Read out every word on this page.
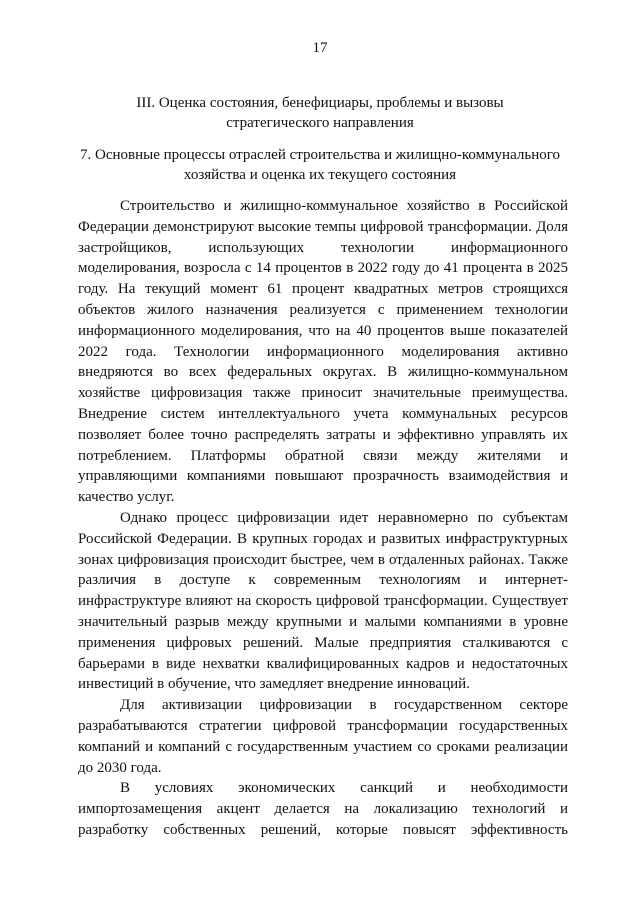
17
III. Оценка состояния, бенефициары, проблемы и вызовы
стратегического направления
7. Основные процессы отраслей строительства и жилищно-коммунального
хозяйства и оценка их текущего состояния

Строительство и жилищно-коммунальное хозяйство в Российской Федерации демонстрируют высокие темпы цифровой трансформации. Доля застройщиков, использующих технологии информационного моделирования, возросла с 14 процентов в 2022 году до 41 процента в 2025 году. На текущий момент 61 процент квадратных метров строящихся объектов жилого назначения реализуется с применением технологии информационного моделирования, что на 40 процентов выше показателей 2022 года. Технологии информационного моделирования активно внедряются во всех федеральных округах. В жилищно-коммунальном хозяйстве цифровизация также приносит значительные преимущества. Внедрение систем интеллектуального учета коммунальных ресурсов позволяет более точно распределять затраты и эффективно управлять их потреблением. Платформы обратной связи между жителями и управляющими компаниями повышают прозрачность взаимодействия и качество услуг.

Однако процесс цифровизации идет неравномерно по субъектам Российской Федерации. В крупных городах и развитых инфраструктурных зонах цифровизация происходит быстрее, чем в отдаленных районах. Также различия в доступе к современным технологиям и интернет-инфраструктуре влияют на скорость цифровой трансформации. Существует значительный разрыв между крупными и малыми компаниями в уровне применения цифровых решений. Малые предприятия сталкиваются с барьерами в виде нехватки квалифицированных кадров и недостаточных инвестиций в обучение, что замедляет внедрение инноваций.

Для активизации цифровизации в государственном секторе разрабатываются стратегии цифровой трансформации государственных компаний и компаний с государственным участием со сроками реализации до 2030 года.

В условиях экономических санкций и необходимости импортозамещения акцент делается на локализацию технологий и разработку собственных решений, которые повысят эффективность
